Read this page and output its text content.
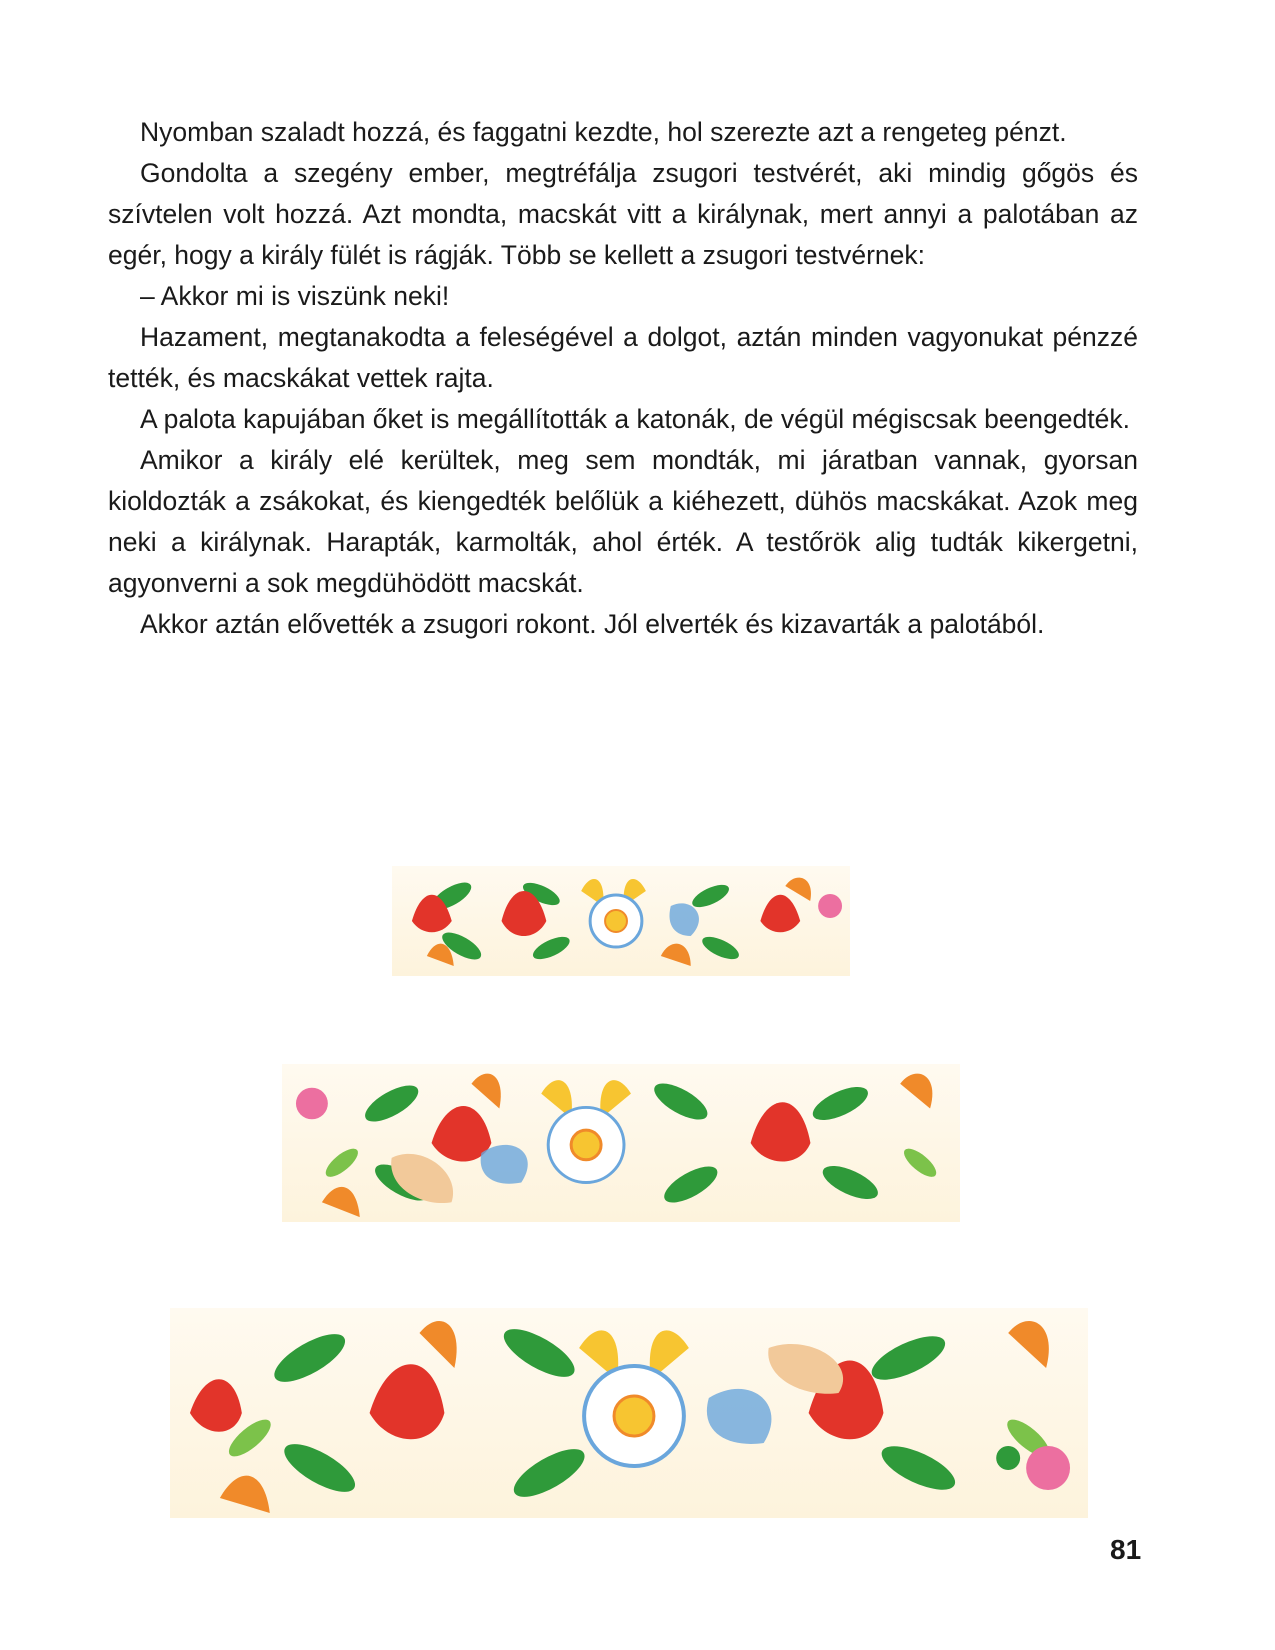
Nyomban szaladt hozzá, és faggatni kezdte, hol szerezte azt a rengeteg pénzt.

Gondolta a szegény ember, megtréfálja zsugori testvérét, aki mindig gőgös és szívtelen volt hozzá. Azt mondta, macskát vitt a királynak, mert annyi a palotában az egér, hogy a király fülét is rágják. Több se kellett a zsugori testvérnek:

– Akkor mi is viszünk neki!

Hazament, megtanakodta a feleségével a dolgot, aztán minden vagyonukat pénzzé tették, és macskákat vettek rajta.

A palota kapujában őket is megállították a katonák, de végül mégiscsak beengedték.

Amikor a király elé kerültek, meg sem mondták, mi járatban vannak, gyorsan kioldozták a zsákokat, és kiengedték belőlük a kiéhezett, dühös macskákat. Azok meg neki a királynak. Harapták, karmolták, ahol érték. A testőrök alig tudták kikergetni, agyonverni a sok megdühödött macskát.

Akkor aztán elővették a zsugori rokont. Jól elverték és kizavarták a palotából.

81
